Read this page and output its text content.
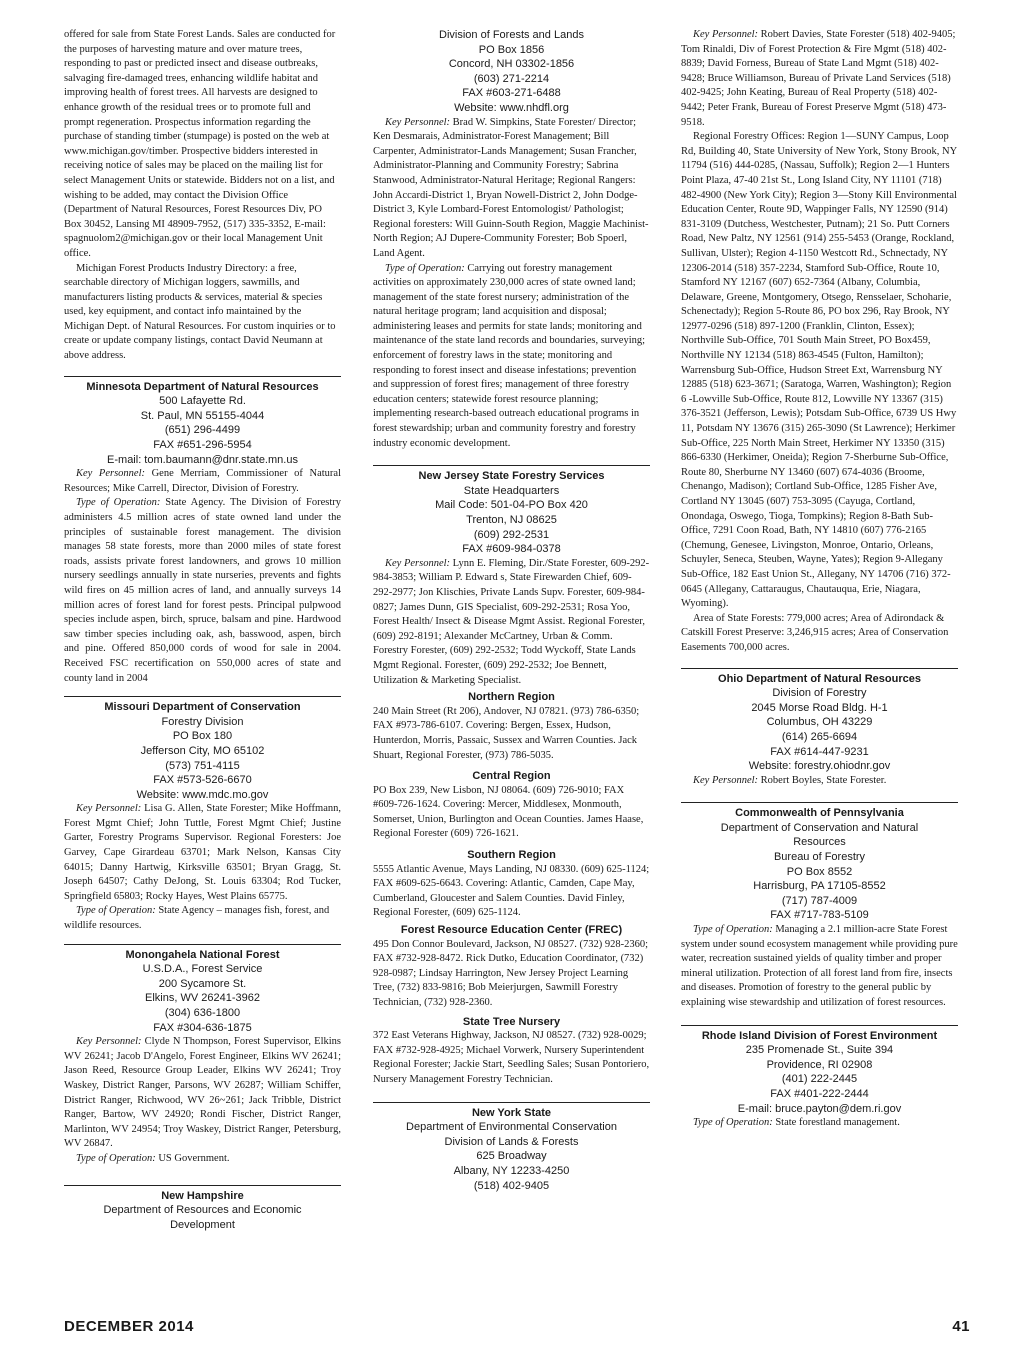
offered for sale from State Forest Lands. Sales are conducted for the purposes of harvesting mature and over mature trees, responding to past or predicted insect and disease outbreaks, salvaging fire-damaged trees, enhancing wildlife habitat and improving health of forest trees. All harvests are designed to enhance growth of the residual trees or to promote full and prompt regeneration. Prospectus information regarding the purchase of standing timber (stumpage) is posted on the web at www.michigan.gov/timber. Prospective bidders interested in receiving notice of sales may be placed on the mailing list for select Management Units or statewide. Bidders not on a list, and wishing to be added, may contact the Division Office (Department of Natural Resources, Forest Resources Div, PO Box 30452, Lansing MI 48909-7952, (517) 335-3352, E-mail: spagnuolom2@michigan.gov or their local Management Unit office.

Michigan Forest Products Industry Directory: a free, searchable directory of Michigan loggers, sawmills, and manufacturers listing products & services, material & species used, key equipment, and contact info maintained by the Michigan Dept. of Natural Resources. For custom inquiries or to create or update company listings, contact David Neumann at above address.

Minnesota Department of Natural Resources
500 Lafayette Rd.
St. Paul, MN 55155-4044
(651) 296-4499
FAX #651-296-5954
E-mail: tom.baumann@dnr.state.mn.us

Key Personnel: Gene Merriam, Commissioner of Natural Resources; Mike Carrell, Director, Division of Forestry.

Type of Operation: State Agency. The Division of Forestry administers 4.5 million acres of state owned land under the principles of sustainable forest management. The division manages 58 state forests, more than 2000 miles of state forest roads, assists private forest landowners, and grows 10 million nursery seedlings annually in state nurseries, prevents and fights wild fires on 45 million acres of land, and annually surveys 14 million acres of forest land for forest pests. Principal pulpwood species include aspen, birch, spruce, balsam and pine. Hardwood saw timber species including oak, ash, basswood, aspen, birch and pine. Offered 850,000 cords of wood for sale in 2004. Received FSC recertification on 550,000 acres of state and county land in 2004

Missouri Department of Conservation
Forestry Division
PO Box 180
Jefferson City, MO 65102
(573) 751-4115
FAX #573-526-6670
Website: www.mdc.mo.gov

Key Personnel: Lisa G. Allen, State Forester; Mike Hoffmann, Forest Mgmt Chief; John Tuttle, Forest Mgmt Chief; Justine Garter, Forestry Programs Supervisor. Regional Foresters: Joe Garvey, Cape Girardeau 63701; Mark Nelson, Kansas City 64015; Danny Hartwig, Kirksville 63501; Bryan Gragg, St. Joseph 64507; Cathy DeJong, St. Louis 63304; Rod Tucker, Springfield 65803; Rocky Hayes, West Plains 65775.

Type of Operation: State Agency – manages fish, forest, and wildlife resources.

Monongahela National Forest
U.S.D.A., Forest Service
200 Sycamore St.
Elkins, WV 26241-3962
(304) 636-1800
FAX #304-636-1875

Key Personnel: Clyde N Thompson, Forest Supervisor, Elkins WV 26241; Jacob D'Angelo, Forest Engineer, Elkins WV 26241; Jason Reed, Resource Group Leader, Elkins WV 26241; Troy Waskey, District Ranger, Parsons, WV 26287; William Schiffer, District Ranger, Richwood, WV 26~261; Jack Tribble, District Ranger, Bartow, WV 24920; Rondi Fischer, District Ranger, Marlinton, WV 24954; Troy Waskey, District Ranger, Petersburg, WV 26847.

Type of Operation: US Government.

New Hampshire
Department of Resources and Economic
Development
Division of Forests and Lands
PO Box 1856
Concord, NH 03302-1856
(603) 271-2214
FAX #603-271-6488
Website: www.nhdfl.org

Key Personnel: Brad W. Simpkins, State Forester/ Director; Ken Desmarais, Administrator-Forest Management; Bill Carpenter, Administrator-Lands Management; Susan Francher, Administrator-Planning and Community Forestry; Sabrina Stanwood, Administrator-Natural Heritage; Regional Rangers: John Accardi-District 1, Bryan Nowell-District 2, John Dodge-District 3, Kyle Lombard-Forest Entomologist/ Pathologist; Regional foresters: Will Guinn-South Region, Maggie Machinist-North Region; AJ Dupere-Community Forester; Bob Spoerl, Land Agent.

Type of Operation: Carrying out forestry management activities on approximately 230,000 acres of state owned land; management of the state forest nursery; administration of the natural heritage program; land acquisition and disposal; administering leases and permits for state lands; monitoring and maintenance of the state land records and boundaries, surveying; enforcement of forestry laws in the state; monitoring and responding to forest insect and disease infestations; prevention and suppression of forest fires; management of three forestry education centers; statewide forest resource planning; implementing research-based outreach educational programs in forest stewardship; urban and community forestry and forestry industry economic development.

New Jersey State Forestry Services
State Headquarters
Mail Code: 501-04-PO Box 420
Trenton, NJ 08625
(609) 292-2531
FAX #609-984-0378

Key Personnel: Lynn E. Fleming, Dir./State Forester, 609-292-984-3853; William P. Edward s, State Firewarden Chief, 609-292-2977; Jon Klischies, Private Lands Supv. Forester, 609-984-0827; James Dunn, GIS Specialist, 609-292-2531; Rosa Yoo, Forest Health/ Insect & Disease Mgmt Assist. Regional Forester, (609) 292-8191; Alexander McCartney, Urban & Comm. Forestry Forester, (609) 292-2532; Todd Wyckoff, State Lands Mgmt Regional. Forester, (609) 292-2532; Joe Bennett, Utilization & Marketing Specialist.

Northern Region

240 Main Street (Rt 206), Andover, NJ 07821. (973) 786-6350; FAX #973-786-6107. Covering: Bergen, Essex, Hudson, Hunterdon, Morris, Passaic, Sussex and Warren Counties. Jack Shuart, Regional Forester, (973) 786-5035.

Central Region

PO Box 239, New Lisbon, NJ 08064. (609) 726-9010; FAX #609-726-1624. Covering: Mercer, Middlesex, Monmouth, Somerset, Union, Burlington and Ocean Counties. James Haase, Regional Forester (609) 726-1621.

Southern Region

5555 Atlantic Avenue, Mays Landing, NJ 08330. (609) 625-1124; FAX #609-625-6643. Covering: Atlantic, Camden, Cape May, Cumberland, Gloucester and Salem Counties. David Finley, Regional Forester, (609) 625-1124.

Forest Resource Education Center (FREC)

495 Don Connor Boulevard, Jackson, NJ 08527. (732) 928-2360; FAX #732-928-8472. Rick Dutko, Education Coordinator, (732) 928-0987; Lindsay Harrington, New Jersey Project Learning Tree, (732) 833-9816; Bob Meierjurgen, Sawmill Forestry Technician, (732) 928-2360.

State Tree Nursery

372 East Veterans Highway, Jackson, NJ 08527. (732) 928-0029; FAX #732-928-4925; Michael Vorwerk, Nursery Superintendent Regional Forester; Jackie Start, Seedling Sales; Susan Pontoriero, Nursery Management Forestry Technician.

New York State
Department of Environmental Conservation
Division of Lands & Forests
625 Broadway
Albany, NY 12233-4250
(518) 402-9405

Key Personnel: Robert Davies, State Forester (518) 402-9405; Tom Rinaldi, Div of Forest Protection & Fire Mgmt (518) 402-8839; David Forness, Bureau of State Land Mgmt (518) 402-9428; Bruce Williamson, Bureau of Private Land Services (518) 402-9425; John Keating, Bureau of Real Property (518) 402-9442; Peter Frank, Bureau of Forest Preserve Mgmt (518) 473-9518.

Regional Forestry Offices: Region 1—SUNY Campus, Loop Rd, Building 40, State University of New York, Stony Brook, NY 11794 (516) 444-0285, (Nassau, Suffolk); Region 2—1 Hunters Point Plaza, 47-40 21st St., Long Island City, NY 11101 (718) 482-4900 (New York City); Region 3—Stony Kill Environmental Education Center, Route 9D, Wappinger Falls, NY 12590 (914) 831-3109 (Dutchess, Westchester, Putnam); 21 So. Putt Corners Road, New Paltz, NY 12561 (914) 255-5453 (Orange, Rockland, Sullivan, Ulster); Region 4-1150 Westcott Rd., Schnectady, NY 12306-2014 (518) 357-2234, Stamford Sub-Office, Route 10, Stamford NY 12167 (607) 652-7364 (Albany, Columbia, Delaware, Greene, Montgomery, Otsego, Rensselaer, Schoharie, Schenectady); Region 5-Route 86, PO box 296, Ray Brook, NY 12977-0296 (518) 897-1200 (Franklin, Clinton, Essex); Northville Sub-Office, 701 South Main Street, PO Box459, Northville NY 12134 (518) 863-4545 (Fulton, Hamilton); Warrensburg Sub-Office, Hudson Street Ext, Warrensburg NY 12885 (518) 623-3671; (Saratoga, Warren, Washington); Region 6 -Lowville Sub-Office, Route 812, Lowville NY 13367 (315) 376-3521 (Jefferson, Lewis); Potsdam Sub-Office, 6739 US Hwy 11, Potsdam NY 13676 (315) 265-3090 (St Lawrence); Herkimer Sub-Office, 225 North Main Street, Herkimer NY 13350 (315) 866-6330 (Herkimer, Oneida); Region 7-Sherburne Sub-Office, Route 80, Sherburne NY 13460 (607) 674-4036 (Broome, Chenango, Madison); Cortland Sub-Office, 1285 Fisher Ave, Cortland NY 13045 (607) 753-3095 (Cayuga, Cortland, Onondaga, Oswego, Tioga, Tompkins); Region 8-Bath Sub-Office, 7291 Coon Road, Bath, NY 14810 (607) 776-2165 (Chemung, Genesee, Livingston, Monroe, Ontario, Orleans, Schuyler, Seneca, Steuben, Wayne, Yates); Region 9-Allegany Sub-Office, 182 East Union St., Allegany, NY 14706 (716) 372-0645 (Allegany, Cattaraugus, Chautauqua, Erie, Niagara, Wyoming).

Area of State Forests: 779,000 acres; Area of Adirondack & Catskill Forest Preserve: 3,246,915 acres; Area of Conservation Easements 700,000 acres.

Ohio Department of Natural Resources
Division of Forestry
2045 Morse Road Bldg. H-1
Columbus, OH 43229
(614) 265-6694
FAX #614-447-9231
Website: forestry.ohiodnr.gov

Key Personnel: Robert Boyles, State Forester.

Commonwealth of Pennsylvania
Department of Conservation and Natural
Resources
Bureau of Forestry
PO Box 8552
Harrisburg, PA 17105-8552
(717) 787-4009
FAX #717-783-5109

Type of Operation: Managing a 2.1 million-acre State Forest system under sound ecosystem management while providing pure water, recreation sustained yields of quality timber and proper mineral utilization. Protection of all forest land from fire, insects and diseases. Promotion of forestry to the general public by explaining wise stewardship and utilization of forest resources.

Rhode Island Division of Forest Environment
235 Promenade St., Suite 394
Providence, RI 02908
(401) 222-2445
FAX #401-222-2444
E-mail: bruce.payton@dem.ri.gov

Type of Operation: State forestland management.

DECEMBER 2014	41
